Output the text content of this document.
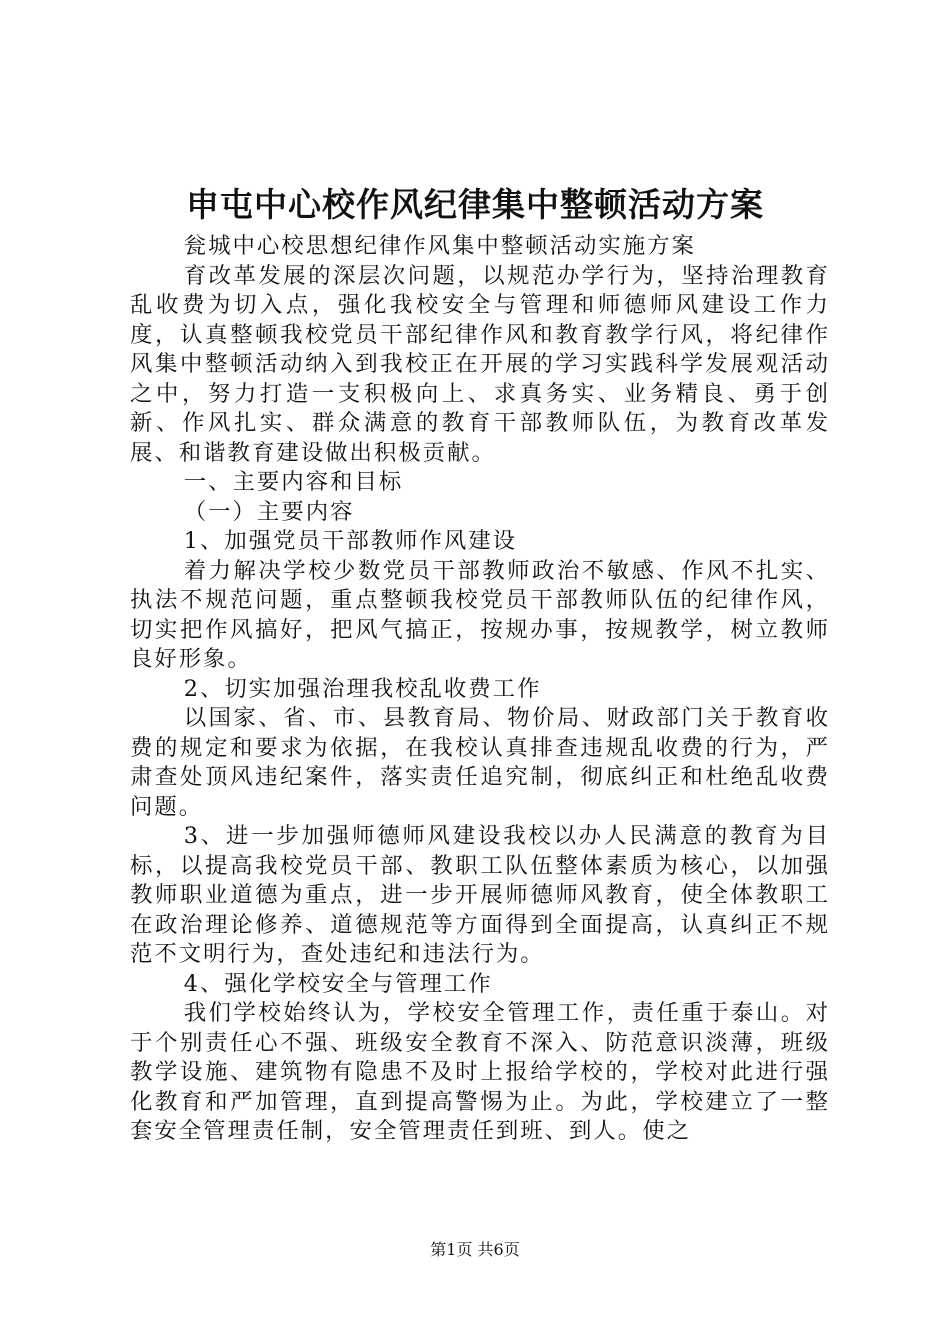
申屯中心校作风纪律集中整顿活动方案

瓮城中心校思想纪律作风集中整顿活动实施方案

育改革发展的深层次问题，以规范办学行为，坚持治理教育乱收费为切入点，强化我校安全与管理和师德师风建设工作力度，认真整顿我校党员干部纪律作风和教育教学行风，将纪律作风集中整顿活动纳入到我校正在开展的学习实践科学发展观活动之中，努力打造一支积极向上、求真务实、业务精良、勇于创新、作风扎实、群众满意的教育干部教师队伍，为教育改革发展、和谐教育建设做出积极贡献。

一、主要内容和目标

（一）主要内容

1、加强党员干部教师作风建设

着力解决学校少数党员干部教师政治不敏感、作风不扎实、执法不规范问题，重点整顿我校党员干部教师队伍的纪律作风，切实把作风搞好，把风气搞正，按规办事，按规教学，树立教师良好形象。

2、切实加强治理我校乱收费工作

以国家、省、市、县教育局、物价局、财政部门关于教育收费的规定和要求为依据，在我校认真排查违规乱收费的行为，严肃查处顶风违纪案件，落实责任追究制，彻底纠正和杜绝乱收费问题。

3、进一步加强师德师风建设我校以办人民满意的教育为目标，以提高我校党员干部、教职工队伍整体素质为核心，以加强教师职业道德为重点，进一步开展师德师风教育，使全体教职工在政治理论修养、道德规范等方面得到全面提高，认真纠正不规范不文明行为，查处违纪和违法行为。

4、强化学校安全与管理工作

我们学校始终认为，学校安全管理工作，责任重于泰山。对于个别责任心不强、班级安全教育不深入、防范意识淡薄，班级教学设施、建筑物有隐患不及时上报给学校的，学校对此进行强化教育和严加管理，直到提高警惕为止。为此，学校建立了一整套安全管理责任制，安全管理责任到班、到人。使之

第1页 共6页
